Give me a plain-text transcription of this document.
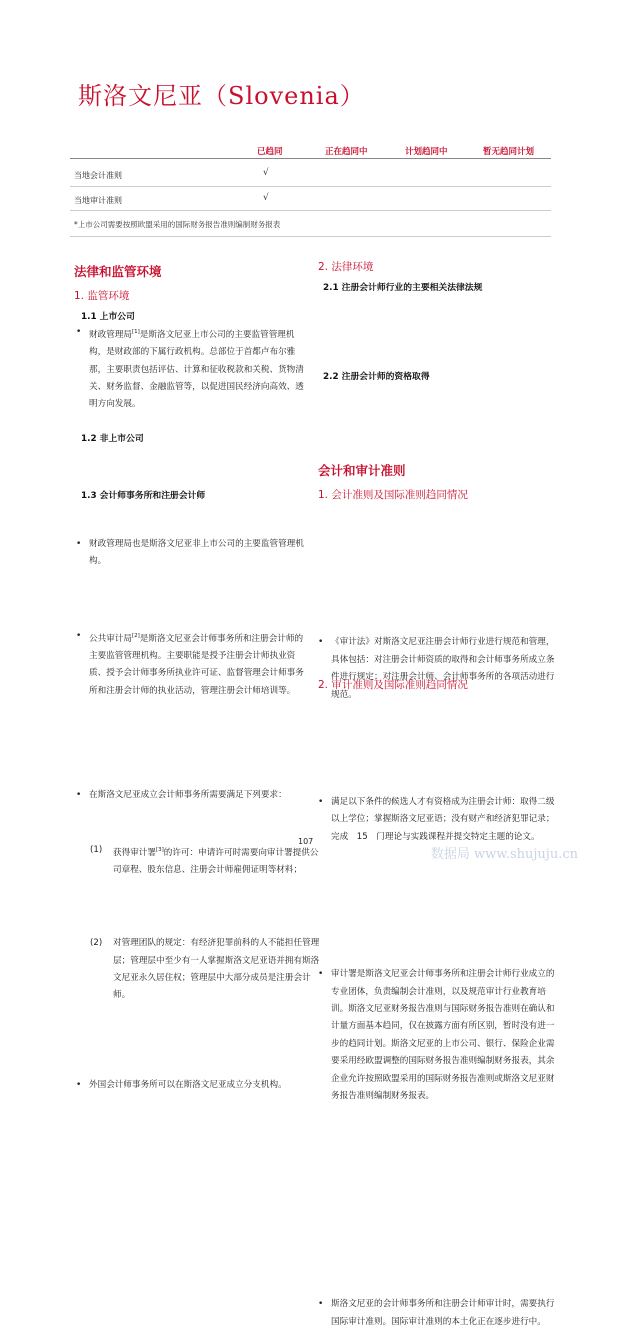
斯洛文尼亚（Slovenia）
已趋同	正在趋同中	计划趋同中	暂无趋同计划
当地会计准则	√
当地审计准则	√
*上市公司需要按照欧盟采用的国际财务报告准则编制财务报表
法律和监管环境
1. 监管环境
1.1 上市公司
• 财政管理局[1]是斯洛文尼亚上市公司的主要监管管理机构，是财政部的下属行政机构。总部位于首都卢布尔雅那，主要职责包括评估、计算和征收税款和关税、货物清关、财务监督、金融监管等，以促进国民经济向高效、透明方向发展。
1.2 非上市公司
• 财政管理局也是斯洛文尼亚非上市公司的主要监管管理机构。
1.3 会计师事务所和注册会计师
• 公共审计局[2]是斯洛文尼亚会计师事务所和注册会计师的主要监管管理机构。主要职能是授予注册会计师执业资质、授予会计师事务所执业许可证、监督管理会计师事务所和注册会计师的执业活动，管理注册会计师培训等。
• 在斯洛文尼亚成立会计师事务所需要满足下列要求：
(1) 获得审计署[3]的许可：申请许可时需要向审计署提供公司章程、股东信息、注册会计师雇佣证明等材料；
(2) 对管理团队的规定：有经济犯罪前科的人不能担任管理层；管理层中至少有一人掌握斯洛文尼亚语并拥有斯洛文尼亚永久居住权；管理层中大部分成员是注册会计师。
• 外国会计师事务所可以在斯洛文尼亚成立分支机构。
2. 法律环境
2.1 注册会计师行业的主要相关法律法规
• 《审计法》对斯洛文尼亚注册会计师行业进行规范和管理，具体包括：对注册会计师资质的取得和会计师事务所成立条件进行规定；对注册会计师、会计师事务所的各项活动进行规范。
2.2 注册会计师的资格取得
• 满足以下条件的候选人才有资格成为注册会计师：取得二级以上学位；掌握斯洛文尼亚语；没有财产和经济犯罪记录；完成　15　门理论与实践课程并提交特定主题的论文。
会计和审计准则
1. 会计准则及国际准则趋同情况
• 审计署是斯洛文尼亚会计师事务所和注册会计师行业成立的专业团体，负责编制会计准则，以及规范审计行业教育培训。斯洛文尼亚财务报告准则与国际财务报告准则在确认和计量方面基本趋同，仅在披露方面有所区别，暂时没有进一步的趋同计划。斯洛文尼亚的上市公司、银行、保险企业需要采用经欧盟调整的国际财务报告准则编制财务报表，其余企业允许按照欧盟采用的国际财务报告准则或斯洛文尼亚财务报告准则编制财务报表。
2. 审计准则及国际准则趋同情况
• 斯洛文尼亚的会计师事务所和注册会计师审计时，需要执行国际审计准则。国际审计准则的本土化正在逐步进行中。
107
数据局 www.shujuju.cn
